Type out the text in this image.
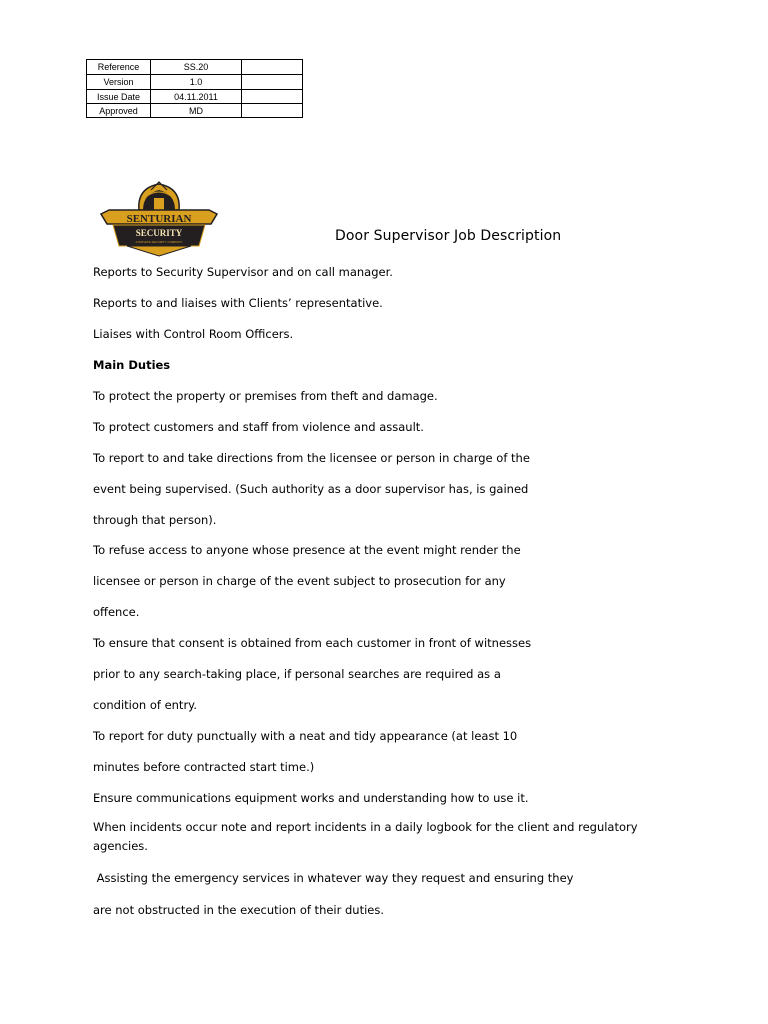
Reference	SS.20	
Version	1.0	
Issue Date	04.11.2011	
Approved	MD	
SENTURIAN
SECURITY
A PRIVATE SECURITY COMPANY	Door Supervisor Job Description
Reports to Security Supervisor and on call manager.
Reports to and liaises with Clients’ representative.
Liaises with Control Room Officers.
Main Duties
To protect the property or premises from theft and damage.
To protect customers and staff from violence and assault.
To report to and take directions from the licensee or person in charge of the
event being supervised. (Such authority as a door supervisor has, is gained
through that person).
To refuse access to anyone whose presence at the event might render the
licensee or person in charge of the event subject to prosecution for any
offence.
To ensure that consent is obtained from each customer in front of witnesses
prior to any search-taking place, if personal searches are required as a
condition of entry.
To report for duty punctually with a neat and tidy appearance (at least 10
minutes before contracted start time.)
Ensure communications equipment works and understanding how to use it.
When incidents occur note and report incidents in a daily logbook for the client and regulatory agencies.
Assisting the emergency services in whatever way they request and ensuring they
are not obstructed in the execution of their duties.
